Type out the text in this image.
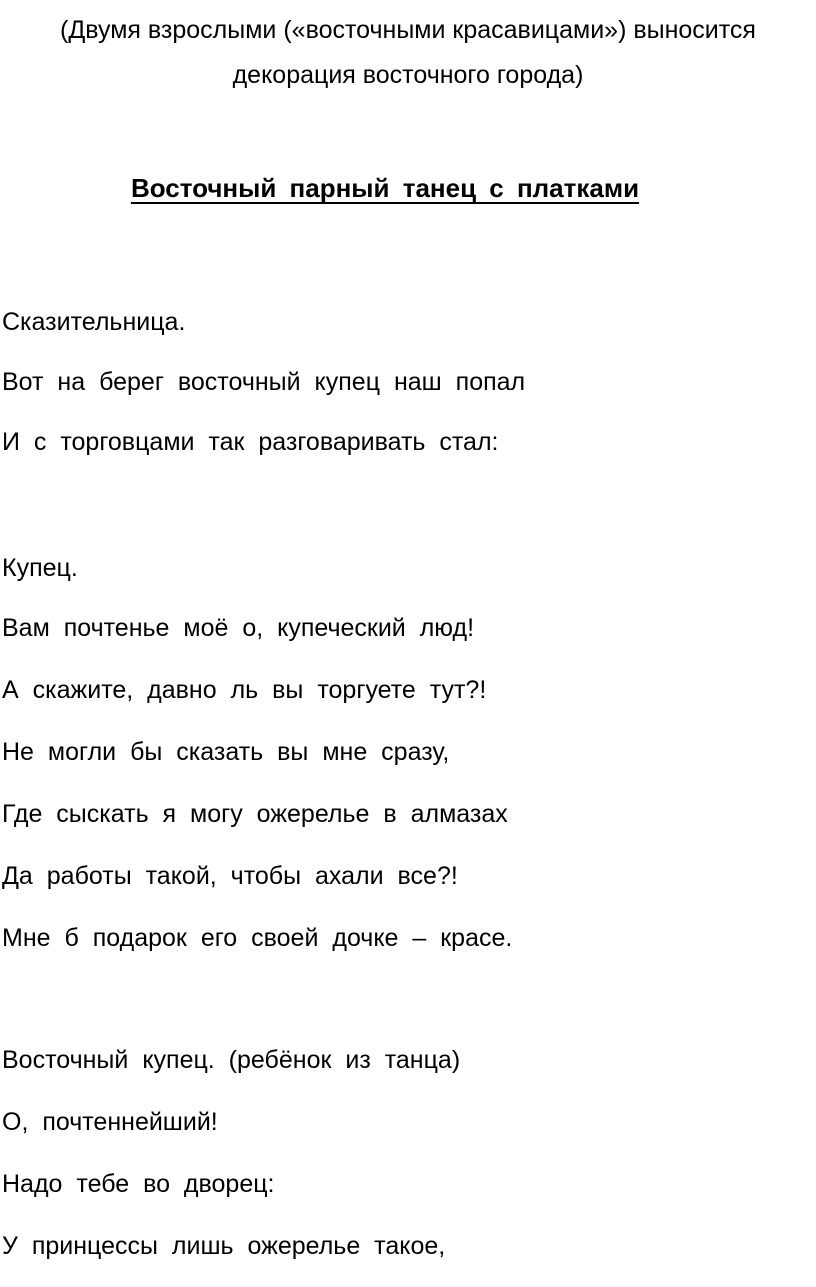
(Двумя взрослыми («восточными красавицами») выносится
декорация восточного города)
Восточный парный танец с платками
Сказительница.
Вот на берег восточный купец наш попал
И с торговцами так разговаривать стал:
Купец.
Вам почтенье моё о, купеческий люд!
А скажите, давно ль вы торгуете тут?!
Не могли бы сказать вы мне сразу,
Где сыскать я могу ожерелье в алмазах
Да работы такой, чтобы ахали все?!
Мне б подарок его своей дочке – красе.
Восточный купец. (ребёнок из танца)
О, почтеннейший!
Надо тебе во дворец:
У принцессы лишь ожерелье такое,
